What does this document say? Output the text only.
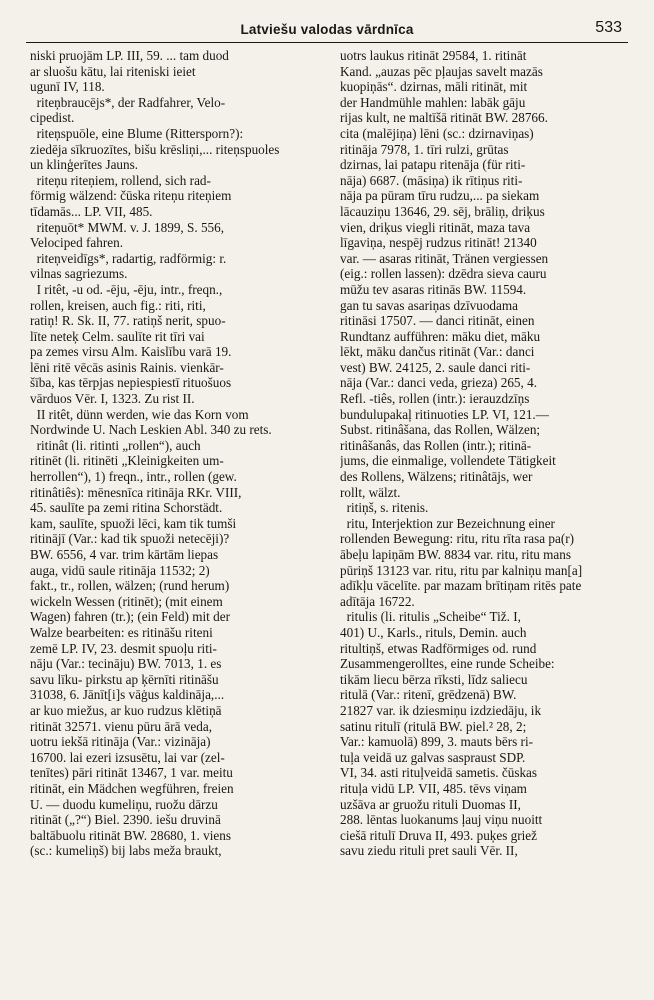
Latviešu valodas vārdnīca	533
niski pruojām LP. III, 59. ... tam duod
ar sluošu kātu, lai riteniski ieiet
ugunī IV, 118.
riteņbraucējs*, der Radfahrer, Velo-
cipedist.
riteņspuōle, eine Blume (Rittersporn?):
ziedēja sīkruozītes, bišu krēsliņi,... riteņspuoles
un klinģerītes Jauns.
riteņu riteņiem, rollend, sich rad-
förmig wälzend: čūska riteņu riteņiem
tīdamās... LP. VII, 485.
riteņuōt* MWM. v. J. 1899, S. 556,
Velociped fahren.
riteņveidīgs*, radartig, radförmig: r.
vilnas sagriezums.
I ritêt, -u od. -ēju, -ēju, intr., freqn.,
rollen, kreisen, auch fig.: riti, riti,
ratiņ! R. Sk. II, 77. ratiņš nerit, spuo-
līte neteķ Celm. saulīte rit tīri vai
pa zemes virsu Alm. Kaislību varā 19.
lēni ritē vēcās asinis Rainis. vienkār-
šība, kas tērpjas nepiespiestī rituošuos
vārduos Vēr. I, 1323. Zu rist II.
II ritêt, dünn werden, wie das Korn vom
Nordwinde U. Nach Leskien Abl. 340 zu rets.
ritinât (li. ritinti „rollen“), auch
ritinēt (li. ritinēti „Kleinigkeiten um-
herrollen“), 1) freqn., intr., rollen (gew.
ritinâtiês): mēnesnīca ritināja RKr. VIII,
45. saulīte pa zemi ritina Schorstädt.
kam, saulīte, spuoži lēci, kam tik tumši
ritinājī (Var.: kad tik spuoži netecēji)?
BW. 6556, 4 var. trim kārtām liepas
auga, vidū saule ritināja 11532; 2)
fakt., tr., rollen, wälzen; (rund herum)
wickeln Wessen (ritinēt); (mit einem
Wagen) fahren (tr.); (ein Feld) mit der
Walze bearbeiten: es ritināšu riteni
zemē LP. IV, 23. desmit spuoļu riti-
nāju (Var.: tecināju) BW. 7013, 1. es
savu līku- pirkstu ap ķērnīti ritināšu
31038, 6. Jānīt[i]s vāġus kaldināja,...
ar kuo miežus, ar kuo rudzus klētiņā
ritināt 32571. vienu pūru ārā veda,
uotru iekšā ritināja (Var.: vizināja)
16700. lai ezeri izsusētu, lai var (zel-
tenītes) pāri ritināt 13467, 1 var. meitu
ritināt, ein Mädchen wegführen, freien
U. — duodu kumeliņu, ruožu dārzu
ritināt („?“) Biel. 2390. iešu druvinā
baltābuolu ritināt BW. 28680, 1. viens
(sc.: kumeliņš) bij labs meža braukt,
uotrs laukus ritināt 29584, 1. ritināt
Kand. „auzas pēc pļaujas savelt mazās
kuopiņās“. dzirnas, māli ritināt, mit
der Handmühle mahlen: labāk gāju
rijas kult, ne maltīšā ritināt BW. 28766.
cita (malējiņa) lēni (sc.: dzirnaviņas)
ritināja 7978, 1. tīri rulzi, grūtas
dzirnas, lai patapu ritenāja (für riti-
nāja) 6687. (māsiņa) ik rītiņus riti-
nāja pa pūram tīru rudzu,... pa siekam
lācauziņu 13646, 29. sēj, brāliņ, driķus
vien, driķus viegli ritināt, maza tava
līgaviņa, nespēj rudzus ritināt! 21340
var. — asaras ritināt, Tränen vergiessen
(eig.: rollen lassen): dzēdra sieva cauru
mūžu tev asaras ritinās BW. 11594.
gan tu savas asariņas dzīvuodama
ritināsi 17507. — danci ritināt, einen
Rundtanz aufführen: māku diet, māku
lēkt, māku dančus ritināt (Var.: danci
vest) BW. 24125, 2. saule danci riti-
nāja (Var.: danci veda, grieza) 265, 4.
Refl. -tiês, rollen (intr.): ierauzdzīņs
bundulupakaļ ritinuoties LP. VI, 121.—
Subst. ritinâšana, das Rollen, Wälzen;
ritinâšanâs, das Rollen (intr.); ritinā-
jums, die einmalige, vollendete Tätigkeit
des Rollens, Wälzens; ritinâtājs, wer
rollt, wälzt.
ritiņš, s. ritenis.
ritu, Interjektion zur Bezeichnung einer
rollenden Bewegung: ritu, ritu rīta rasa pa(r)
ābeļu lapiņām BW. 8834 var. ritu, ritu mans
pūriņš 13123 var. ritu, ritu par kalniņu man[a]
adīkļu vācelīte. par mazam brītiņam ritēs pate
adītāja 16722.
ritulis (li. ritulis „Scheibe“ Tiž. I,
401) U., Karls., rituls, Demin. auch
ritultiņš, etwas Radförmiges od. rund
Zusammengerolltes, eine runde Scheibe:
tikām liecu bērza rīksti, līdz saliecu
ritulā (Var.: ritenī, grēdzenā) BW.
21827 var. ik dziesmiņu izdziedāju, ik
satinu ritulī (ritulā BW. piel.² 28, 2;
Var.: kamuolā) 899, 3. mauts bērs ri-
tuļa veidā uz galvas saspraust SDP.
VI, 34. asti rituļveidā sametis. čūskas
rituļa vidū LP. VII, 485. tēvs viņam
uzšāva ar gruožu rituli Duomas II,
288. lēntas luokanums ļauj viņu nuoitt
ciešā ritulī Druva II, 493. puķes griež
savu ziedu rituli pret sauli Vēr. II,
